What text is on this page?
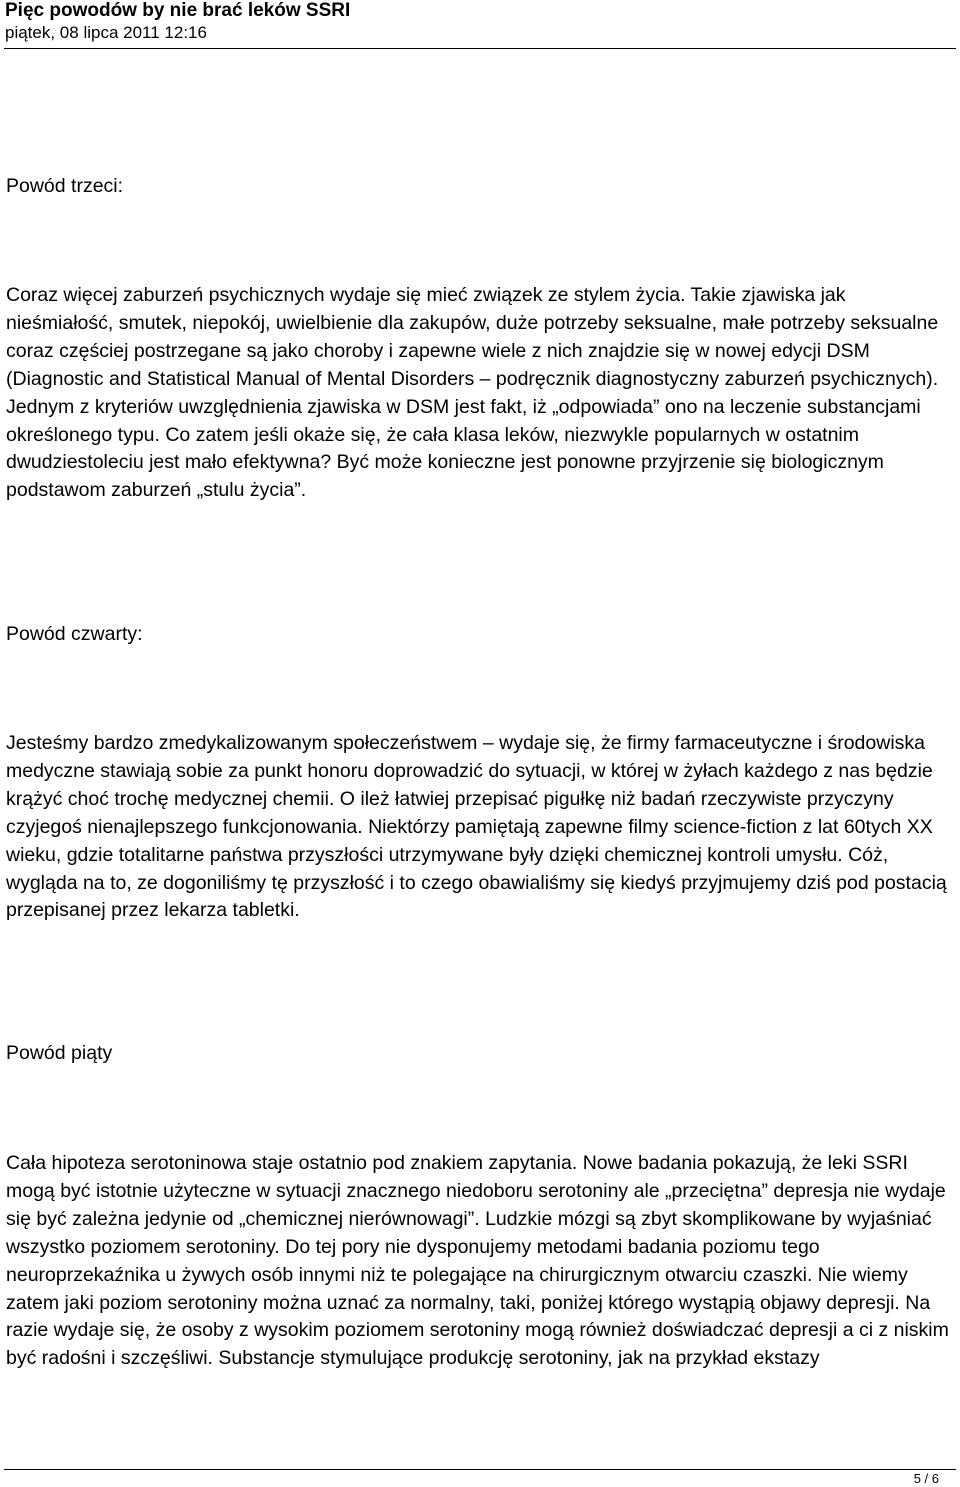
Pięc powodów by nie brać leków SSRI
piątek, 08 lipca 2011 12:16
Powód trzeci:
Coraz więcej zaburzeń psychicznych wydaje się mieć związek ze stylem życia. Takie zjawiska jak nieśmiałość, smutek, niepokój, uwielbienie dla zakupów, duże potrzeby seksualne, małe potrzeby seksualne coraz częściej postrzegane są jako choroby i zapewne wiele z nich znajdzie się w nowej edycji DSM (Diagnostic and Statistical Manual of Mental Disorders – podręcznik diagnostyczny zaburzeń psychicznych). Jednym z kryteriów uwzględnienia zjawiska w DSM jest fakt, iż „odpowiada” ono na leczenie substancjami określonego typu. Co zatem jeśli okaże się, że cała klasa leków, niezwykle popularnych w ostatnim dwudziestoleciu jest mało efektywna? Być może konieczne jest ponowne przyjrzenie się biologicznym podstawom zaburzeń „stulu życia”.
Powód czwarty:
Jesteśmy bardzo zmedykalizowanym społeczeństwem – wydaje się, że firmy farmaceutyczne i środowiska medyczne stawiają sobie za punkt honoru doprowadzić do sytuacji, w której w żyłach każdego z nas będzie krążyć choć trochę medycznej chemii. O ileż łatwiej przepisać pigułkę niż badań rzeczywiste przyczyny czyjegoś nienajlepszego funkcjonowania. Niektórzy pamiętają zapewne filmy science-fiction z lat 60tych XX wieku, gdzie totalitarne państwa przyszłości utrzymywane były dzięki chemicznej kontroli umysłu. Cóż, wygląda na to, ze dogoniliśmy tę przyszłość i to czego obawialiśmy się kiedyś przyjmujemy dziś pod postacią przepisanej przez lekarza tabletki.
Powód piąty
Cała hipoteza serotoninowa staje ostatnio pod znakiem zapytania. Nowe badania pokazują, że leki SSRI mogą być istotnie użyteczne w sytuacji znacznego niedoboru serotoniny ale „przeciętna” depresja nie wydaje się być zależna jedynie od „chemicznej nierównowagi”. Ludzkie mózgi są zbyt skomplikowane by wyjaśniać wszystko poziomem serotoniny. Do tej pory nie dysponujemy metodami badania poziomu tego neuroprzekaźnika u żywych osób innymi niż te polegające na chirurgicznym otwarciu czaszki. Nie wiemy zatem jaki poziom serotoniny można uznać za normalny, taki, poniżej którego wystąpią objawy depresji. Na razie wydaje się, że osoby z wysokim poziomem serotoniny mogą również doświadczać depresji a ci z niskim być radośni i szczęśliwi. Substancje stymulujące produkcję serotoniny, jak na przykład ekstazy
5 / 6
